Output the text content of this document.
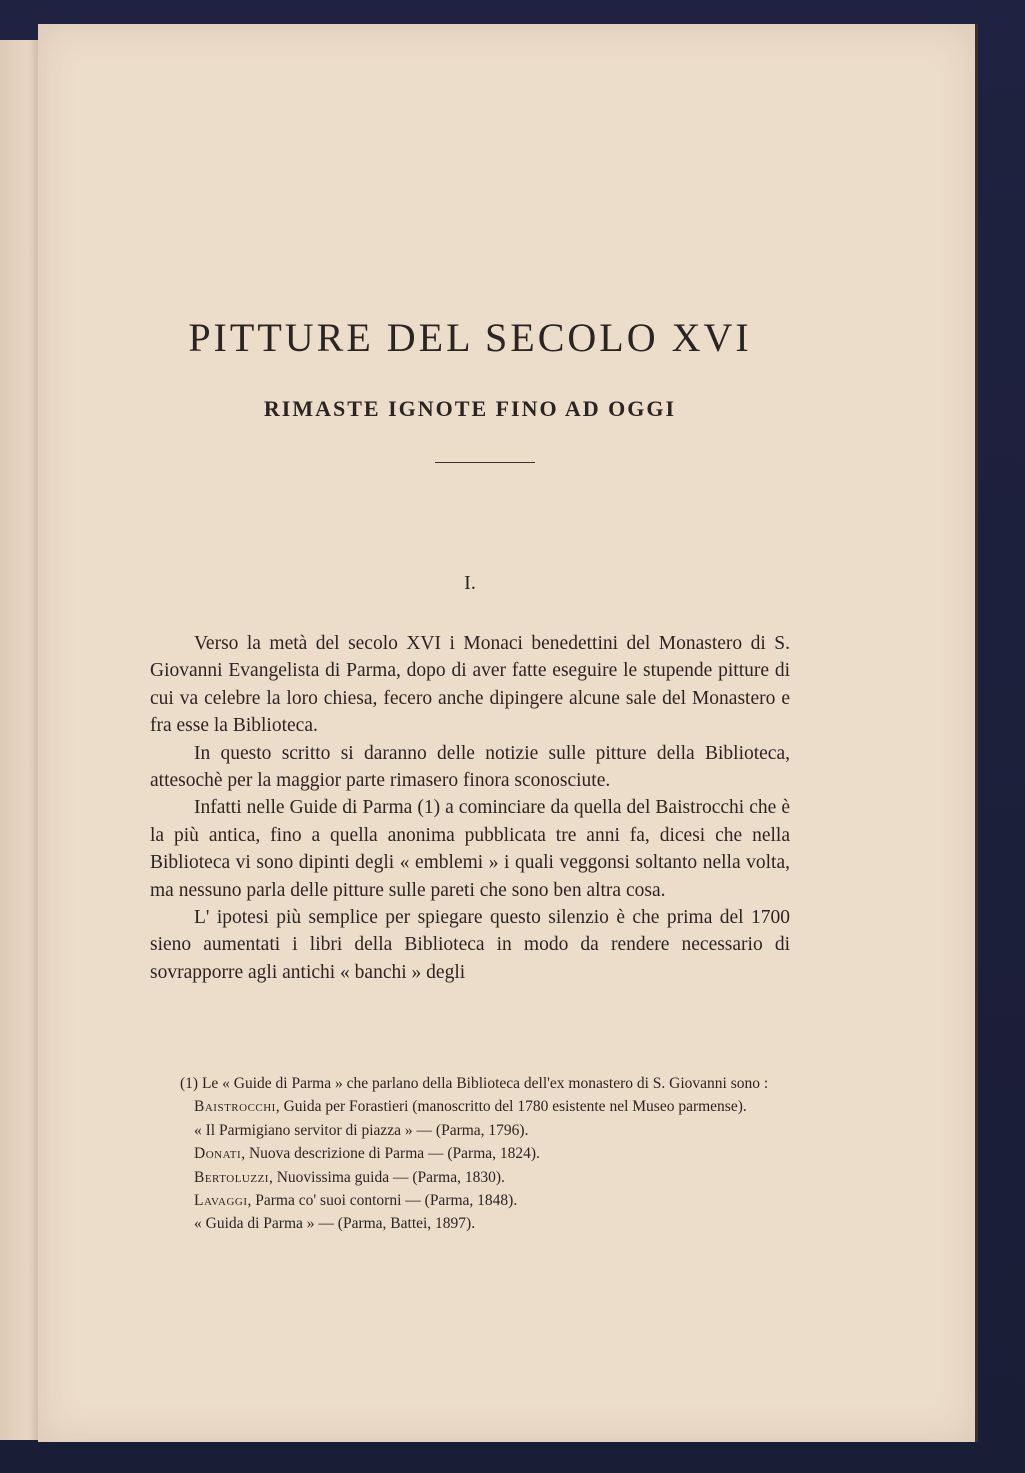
PITTURE DEL SECOLO XVI
RIMASTE IGNOTE FINO AD OGGI
I.

Verso la metà del secolo XVI i Monaci benedettini del Monastero di S. Giovanni Evangelista di Parma, dopo di aver fatte eseguire le stupende pitture di cui va celebre la loro chiesa, fecero anche dipingere alcune sale del Monastero e fra esse la Biblioteca.

In questo scritto si daranno delle notizie sulle pitture della Biblioteca, attesochè per la maggior parte rimasero finora sconosciute.

Infatti nelle Guide di Parma (1) a cominciare da quella del Baistrocchi che è la più antica, fino a quella anonima pubblicata tre anni fa, dicesi che nella Biblioteca vi sono dipinti degli « emblemi » i quali veggonsi soltanto nella volta, ma nessuno parla delle pitture sulle pareti che sono ben altra cosa.

L' ipotesi più semplice per spiegare questo silenzio è che prima del 1700 sieno aumentati i libri della Biblioteca in modo da rendere necessario di sovrapporre agli antichi « banchi » degli

(1) Le « Guide di Parma » che parlano della Biblioteca dell'ex monastero di S. Giovanni sono :

Baistrocchi, Guida per Forastieri (manoscritto del 1780 esistente nel Museo parmense).

« Il Parmigiano servitor di piazza » — (Parma, 1796).

Donati, Nuova descrizione di Parma — (Parma, 1824).

Bertoluzzi, Nuovissima guida — (Parma, 1830).

Lavaggi, Parma co' suoi contorni — (Parma, 1848).

« Guida di Parma » — (Parma, Battei, 1897).
